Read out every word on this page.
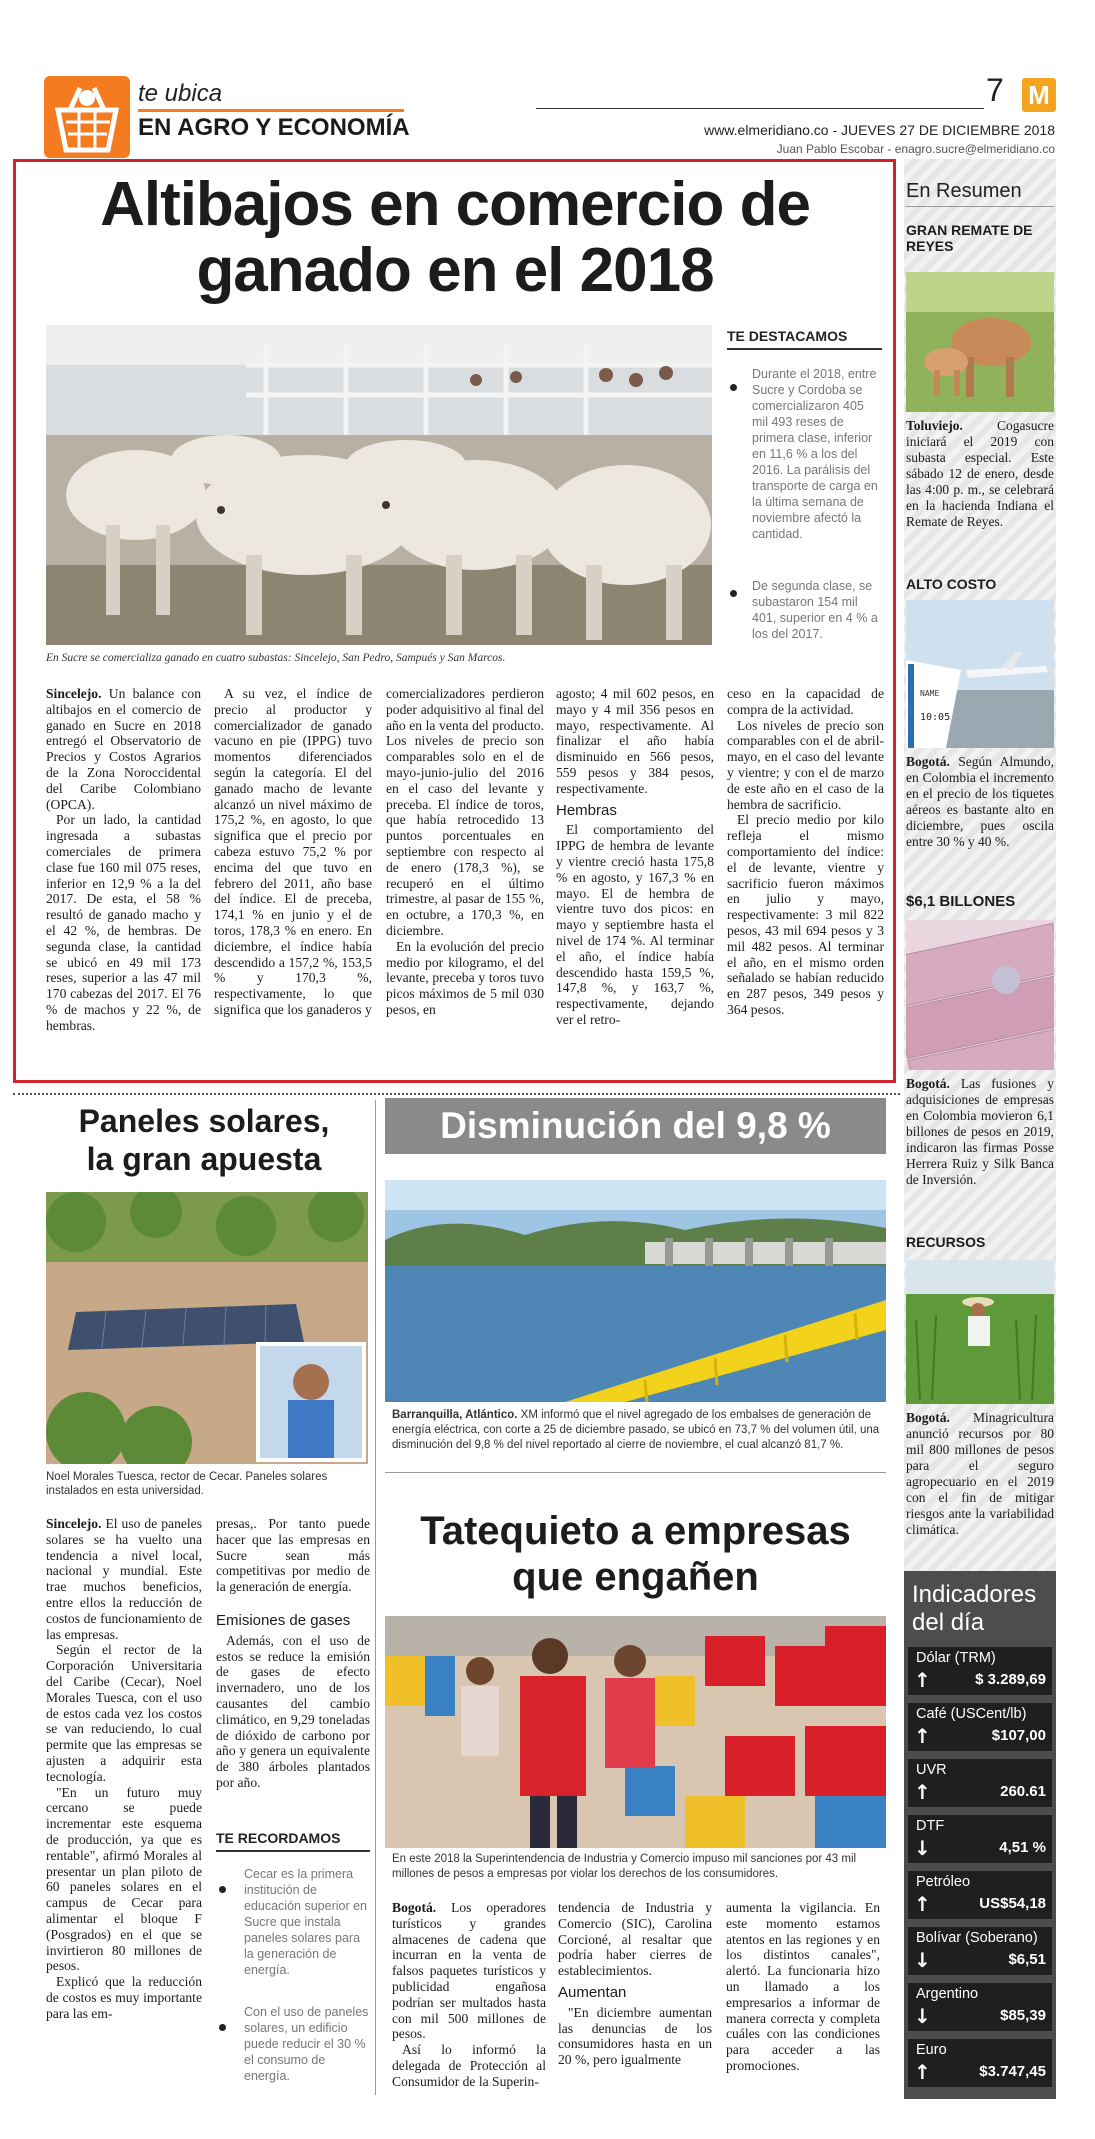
te ubica
EN AGRO Y ECONOMÍA
7 M
www.elmeridiano.co - JUEVES 27 DE DICIEMBRE 2018
Juan Pablo Escobar - enagro.sucre@elmeridiano.co
Altibajos en comercio de ganado en el 2018
En Sucre se comercializa ganado en cuatro subastas: Sincelejo, San Pedro, Sampués y San Marcos.
TE DESTACAMOS
Durante el 2018, entre Sucre y Cordoba se comercializaron 405 mil 493 reses de primera clase, inferior en 11,6 % a los del 2016. La parálisis del transporte de carga en la última semana de noviembre afectó la cantidad.
De segunda clase, se subastaron 154 mil 401, superior en 4 % a los del 2017.

Sincelejo. Un balance con altibajos en el comercio de ganado en Sucre en 2018 entregó el Observatorio de Precios y Costos Agrarios de la Zona Noroccidental del Caribe Colombiano (OPCA).

Por un lado, la cantidad ingresada a subastas comerciales de primera clase fue 160 mil 075 reses, inferior en 12,9 % a la del 2017. De esta, el 58 % resultó de ganado macho y el 42 %, de hembras. De segunda clase, la cantidad se ubicó en 49 mil 173 reses, superior a las 47 mil 170 cabezas del 2017. El 76 % de machos y 22 %, de hembras.

A su vez, el índice de precio al productor y comercializador de ganado vacuno en pie (IPPG) tuvo momentos diferenciados según la categoría. El del ganado macho de levante alcanzó un nivel máximo de 175,2 %, en agosto, lo que significa que el precio por cabeza estuvo 75,2 % por encima del que tuvo en febrero del 2011, año base del índice. El de preceba, 174,1 % en junio y el de toros, 178,3 % en enero. En diciembre, el índice había descendido a 157,2 %, 153,5 % y 170,3 %, respectivamente, lo que significa que los ganaderos y

comercializadores perdieron poder adquisitivo al final del año en la venta del producto. Los niveles de precio son comparables solo en el de mayo-junio-julio del 2016 en el caso del levante y preceba. El índice de toros, que había retrocedido 13 puntos porcentuales en septiembre con respecto al de enero (178,3 %), se recuperó en el último trimestre, al pasar de 155 %, en octubre, a 170,3 %, en diciembre.

En la evolución del precio medio por kilogramo, el del levante, preceba y toros tuvo picos máximos de 5 mil 030 pesos, en

agosto; 4 mil 602 pesos, en mayo y 4 mil 356 pesos en mayo, respectivamente. Al finalizar el año había disminuido en 566 pesos, 559 pesos y 384 pesos, respectivamente.

Hembras

El comportamiento del IPPG de hembra de levante y vientre creció hasta 175,8 % en agosto, y 167,3 % en mayo. El de hembra de vientre tuvo dos picos: en mayo y septiembre hasta el nivel de 174 %. Al terminar el año, el índice había descendido hasta 159,5 %, 147,8 %, y 163,7 %, respectivamente, dejando ver el retro-

ceso en la capacidad de compra de la actividad.

Los niveles de precio son comparables con el de abril-mayo, en el caso del levante y vientre; y con el de marzo de este año en el caso de la hembra de sacrificio.

El precio medio por kilo refleja el mismo comportamiento del índice: el de levante, vientre y sacrificio fueron máximos en julio y mayo, respectivamente: 3 mil 822 pesos, 43 mil 694 pesos y 3 mil 482 pesos. Al terminar el año, en el mismo orden señalado se habían reducido en 287 pesos, 349 pesos y 364 pesos.

En Resumen
GRAN REMATE DE REYES
Toluviejo. Cogasucre iniciará el 2019 con subasta especial. Este sábado 12 de enero, desde las 4:00 p. m., se celebrará en la hacienda Indiana el Remate de Reyes.
ALTO COSTO
NAME
10:05
Bogotá. Según Almundo, en Colombia el incremento en el precio de los tiquetes aéreos es bastante alto en diciembre, pues oscila entre 30 % y 40 %.
$6,1 BILLONES
Bogotá. Las fusiones y adquisiciones de empresas en Colombia movieron 6,1 billones de pesos en 2019, indicaron las firmas Posse Herrera Ruiz y Silk Banca de Inversión.
RECURSOS
Bogotá. Minagricultura anunció recursos por 80 mil 800 millones de pesos para el seguro agropecuario en el 2019 con el fin de mitigar riesgos ante la variabilidad climática.
Indicadores del día
Dólar (TRM)
↑	$ 3.289,69
Café (USCent/lb)
↑	$107,00
UVR
↑	260.61
DTF
↓	4,51 %
Petróleo
↑	US$54,18
Bolívar (Soberano)
↓	$6,51
Argentino
↓	$85,39
Euro
↑	$3.747,45
Paneles solares,
la gran apuesta
Noel Morales Tuesca, rector de Cecar. Paneles solares instalados en esta universidad.

Sincelejo. El uso de paneles solares se ha vuelto una tendencia a nivel local, nacional y mundial. Este trae muchos beneficios, entre ellos la reducción de costos de funcionamiento de las empresas.

Según el rector de la Corporación Universitaria del Caribe (Cecar), Noel Morales Tuesca, con el uso de estos cada vez los costos se van reduciendo, lo cual permite que las empresas se ajusten a adquirir esta tecnología.

"En un futuro muy cercano se puede incrementar este esquema de producción, ya que es rentable", afirmó Morales al presentar un plan piloto de 60 paneles solares en el campus de Cecar para alimentar el bloque F (Posgrados) en el que se invirtieron 80 millones de pesos.

Explicó que la reducción de costos es muy importante para las em-

presas,. Por tanto puede hacer que las empresas en Sucre sean más competitivas por medio de la generación de energía.

Emisiones de gases

Además, con el uso de estos se reduce la emisión de gases de efecto invernadero, uno de los causantes del cambio climático, en 9,29 toneladas de dióxido de carbono por año y genera un equivalente de 380 árboles plantados por año.

TE RECORDAMOS
Cecar es la primera institución de educación superior en Sucre que instala paneles solares para la generación de energía.
Con el uso de paneles solares, un edificio puede reducir el 30 % el consumo de energía.
Disminución del 9,8 %
Barranquilla, Atlántico. XM informó que el nivel agregado de los embalses de generación de energía eléctrica, con corte a 25 de diciembre pasado, se ubicó en 73,7 % del volumen útil, una disminución del 9,8 % del nivel reportado al cierre de noviembre, el cual alcanzó 81,7 %.
Tatequieto a empresas
que engañen
En este 2018 la Superintendencia de Industria y Comercio impuso mil sanciones por 43 mil millones de pesos a empresas por violar los derechos de los consumidores.

Bogotá. Los operadores turísticos y grandes almacenes de cadena que incurran en la venta de falsos paquetes turísticos y publicidad engañosa podrían ser multados hasta con mil 500 millones de pesos.

Así lo informó la delegada de Protección al Consumidor de la Superin-

tendencia de Industria y Comercio (SIC), Carolina Corcioné, al resaltar que podría haber cierres de establecimientos.

Aumentan

"En diciembre aumentan las denuncias de los consumidores hasta en un 20 %, pero igualmente

aumenta la vigilancia. En este momento estamos atentos en las regiones y en los distintos canales", alertó. La funcionaria hizo un llamado a los empresarios a informar de manera correcta y completa cuáles con las condiciones para acceder a las promociones.
